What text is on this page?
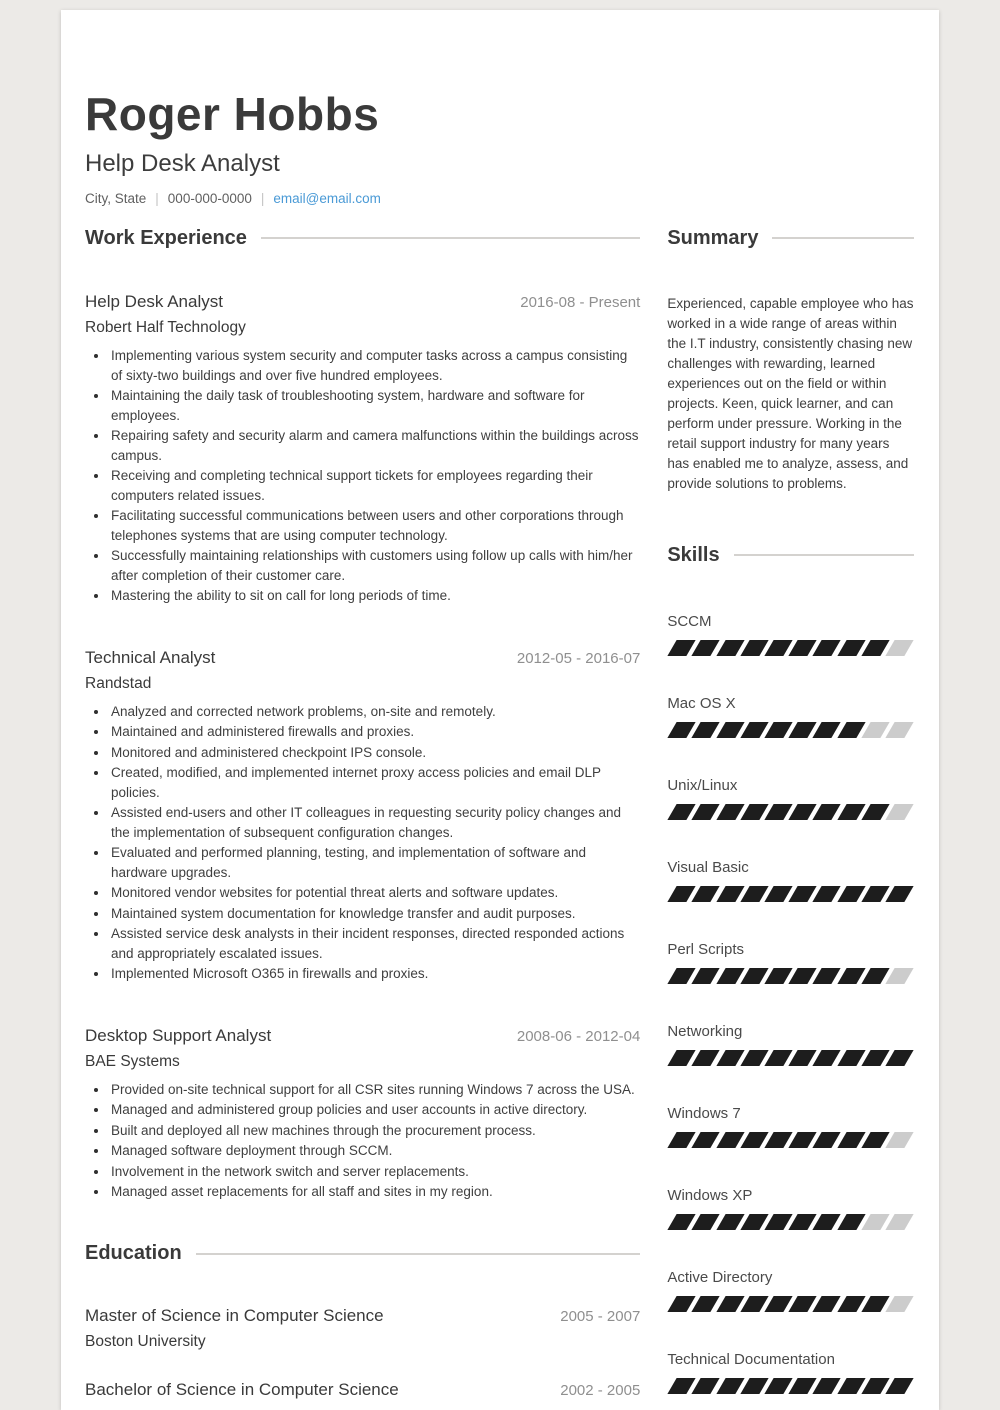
Roger Hobbs
Help Desk Analyst
City, State | 000-000-0000 | email@email.com
Work Experience
Help Desk Analyst	2016-08 - Present
Robert Half Technology
Implementing various system security and computer tasks across a campus consisting of sixty-two buildings and over five hundred employees.
Maintaining the daily task of troubleshooting system, hardware and software for employees.
Repairing safety and security alarm and camera malfunctions within the buildings across campus.
Receiving and completing technical support tickets for employees regarding their computers related issues.
Facilitating successful communications between users and other corporations through telephones systems that are using computer technology.
Successfully maintaining relationships with customers using follow up calls with him/her after completion of their customer care.
Mastering the ability to sit on call for long periods of time.
Technical Analyst	2012-05 - 2016-07
Randstad
Analyzed and corrected network problems, on-site and remotely.
Maintained and administered firewalls and proxies.
Monitored and administered checkpoint IPS console.
Created, modified, and implemented internet proxy access policies and email DLP policies.
Assisted end-users and other IT colleagues in requesting security policy changes and the implementation of subsequent configuration changes.
Evaluated and performed planning, testing, and implementation of software and hardware upgrades.
Monitored vendor websites for potential threat alerts and software updates.
Maintained system documentation for knowledge transfer and audit purposes.
Assisted service desk analysts in their incident responses, directed responded actions and appropriately escalated issues.
Implemented Microsoft O365 in firewalls and proxies.
Desktop Support Analyst	2008-06 - 2012-04
BAE Systems
Provided on-site technical support for all CSR sites running Windows 7 across the USA.
Managed and administered group policies and user accounts in active directory.
Built and deployed all new machines through the procurement process.
Managed software deployment through SCCM.
Involvement in the network switch and server replacements.
Managed asset replacements for all staff and sites in my region.
Education
Master of Science in Computer Science	2005 - 2007
Boston University
Bachelor of Science in Computer Science	2002 - 2005
Summary

Experienced, capable employee who has worked in a wide range of areas within the I.T industry, consistently chasing new challenges with rewarding, learned experiences out on the field or within projects. Keen, quick learner, and can perform under pressure. Working in the retail support industry for many years has enabled me to analyze, assess, and provide solutions to problems.

Skills
SCCM
Mac OS X
Unix/Linux
Visual Basic
Perl Scripts
Networking
Windows 7
Windows XP
Active Directory
Technical Documentation
